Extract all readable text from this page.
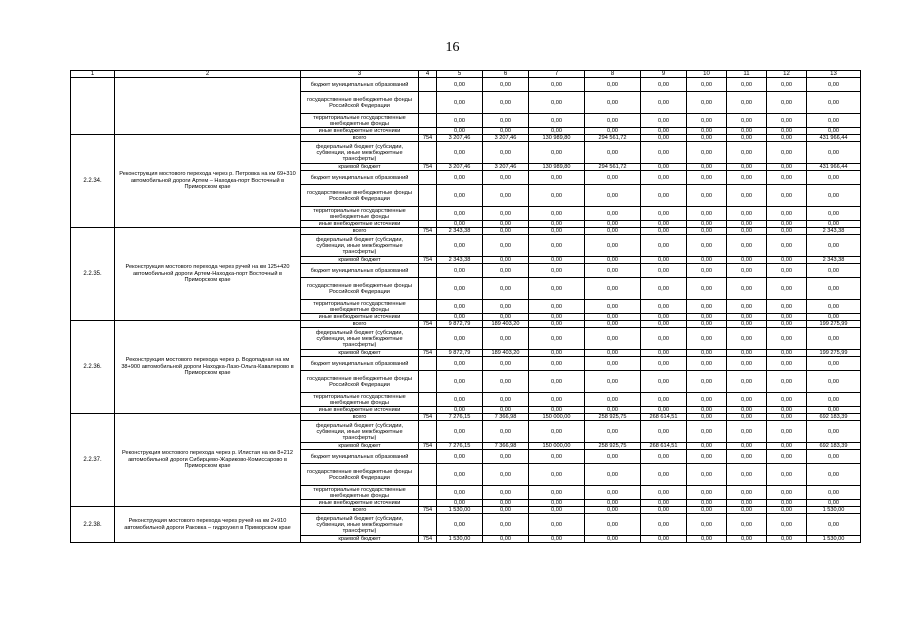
16
1	2	3	4	5	6	7	8	9	10	11	12	13
		бюджет муниципальных образований		0,00	0,00	0,00	0,00	0,00	0,00	0,00	0,00	0,00
		государственные внебюджетные фонды Российской Федерации		0,00	0,00	0,00	0,00	0,00	0,00	0,00	0,00	0,00
		территориальные государственные внебюджетные фонды		0,00	0,00	0,00	0,00	0,00	0,00	0,00	0,00	0,00
		иные внебюджетные источники		0,00	0,00	0,00	0,00	0,00	0,00	0,00	0,00	0,00
2.2.34.	Реконструкция мостового перехода через р. Петровка на км 69+310 автомобильной дороги Артем – Находка-порт Восточный в Приморском крае	всего	754	3 207,46	3 207,46	130 989,80	294 561,72	0,00	0,00	0,00	0,00	431 966,44
		федеральный бюджет (субсидии, субвенции, иные межбюджетные трансферты)		0,00	0,00	0,00	0,00	0,00	0,00	0,00	0,00	0,00
		краевой бюджет	754	3 207,46	3 207,46	130 989,80	294 561,72	0,00	0,00	0,00	0,00	431 966,44
		бюджет муниципальных образований		0,00	0,00	0,00	0,00	0,00	0,00	0,00	0,00	0,00
		государственные внебюджетные фонды Российской Федерации		0,00	0,00	0,00	0,00	0,00	0,00	0,00	0,00	0,00
		территориальные государственные внебюджетные фонды		0,00	0,00	0,00	0,00	0,00	0,00	0,00	0,00	0,00
		иные внебюджетные источники		0,00	0,00	0,00	0,00	0,00	0,00	0,00	0,00	0,00
2.2.35.	Реконструкция мостового перехода через ручей на км 125+420 автомобильной дороги Артем-Находка-порт Восточный в Приморском крае	всего	754	2 343,38	0,00	0,00	0,00	0,00	0,00	0,00	0,00	2 343,38
		федеральный бюджет (субсидии, субвенции, иные межбюджетные трансферты)		0,00	0,00	0,00	0,00	0,00	0,00	0,00	0,00	0,00
		краевой бюджет	754	2 343,38	0,00	0,00	0,00	0,00	0,00	0,00	0,00	2 343,38
		бюджет муниципальных образований		0,00	0,00	0,00	0,00	0,00	0,00	0,00	0,00	0,00
		государственные внебюджетные фонды Российской Федерации		0,00	0,00	0,00	0,00	0,00	0,00	0,00	0,00	0,00
		территориальные государственные внебюджетные фонды		0,00	0,00	0,00	0,00	0,00	0,00	0,00	0,00	0,00
		иные внебюджетные источники		0,00	0,00	0,00	0,00	0,00	0,00	0,00	0,00	0,00
2.2.36.	Реконструкция мостового перехода через р. Водопадная на км 38+900 автомобильной дороги Находка-Лазо-Ольга-Кавалерово в Приморском крае	всего	754	9 872,79	189 403,20	0,00	0,00	0,00	0,00	0,00	0,00	199 275,99
		федеральный бюджет (субсидии, субвенции, иные межбюджетные трансферты)		0,00	0,00	0,00	0,00	0,00	0,00	0,00	0,00	0,00
		краевой бюджет	754	9 872,79	189 403,20	0,00	0,00	0,00	0,00	0,00	0,00	199 275,99
		бюджет муниципальных образований		0,00	0,00	0,00	0,00	0,00	0,00	0,00	0,00	0,00
		государственные внебюджетные фонды Российской Федерации		0,00	0,00	0,00	0,00	0,00	0,00	0,00	0,00	0,00
		территориальные государственные внебюджетные фонды		0,00	0,00	0,00	0,00	0,00	0,00	0,00	0,00	0,00
		иные внебюджетные источники		0,00	0,00	0,00	0,00	0,00	0,00	0,00	0,00	0,00
2.2.37.	Реконструкция мостового перехода через р. Илистая на км 8+212 автомобильной дороги Сибирцево-Жариково-Комиссарово в Приморском крае	всего	754	7 276,15	7 366,98	150 000,00	258 925,75	268 614,51	0,00	0,00	0,00	692 183,39
		федеральный бюджет (субсидии, субвенции, иные межбюджетные трансферты)		0,00	0,00	0,00	0,00	0,00	0,00	0,00	0,00	0,00
		краевой бюджет	754	7 276,15	7 366,98	150 000,00	258 925,75	268 614,51	0,00	0,00	0,00	692 183,39
		бюджет муниципальных образований		0,00	0,00	0,00	0,00	0,00	0,00	0,00	0,00	0,00
		государственные внебюджетные фонды Российской Федерации		0,00	0,00	0,00	0,00	0,00	0,00	0,00	0,00	0,00
		территориальные государственные внебюджетные фонды		0,00	0,00	0,00	0,00	0,00	0,00	0,00	0,00	0,00
		иные внебюджетные источники		0,00	0,00	0,00	0,00	0,00	0,00	0,00	0,00	0,00
2.2.38.	Реконструкция мостового перехода через ручей на км 2+910 автомобильной дороги Раковка – гидроузел в Приморском крае	всего	754	1 530,00	0,00	0,00	0,00	0,00	0,00	0,00	0,00	1 530,00
		федеральный бюджет (субсидии, субвенции, иные межбюджетные трансферты)		0,00	0,00	0,00	0,00	0,00	0,00	0,00	0,00	0,00
		краевой бюджет	754	1 530,00	0,00	0,00	0,00	0,00	0,00	0,00	0,00	1 530,00
